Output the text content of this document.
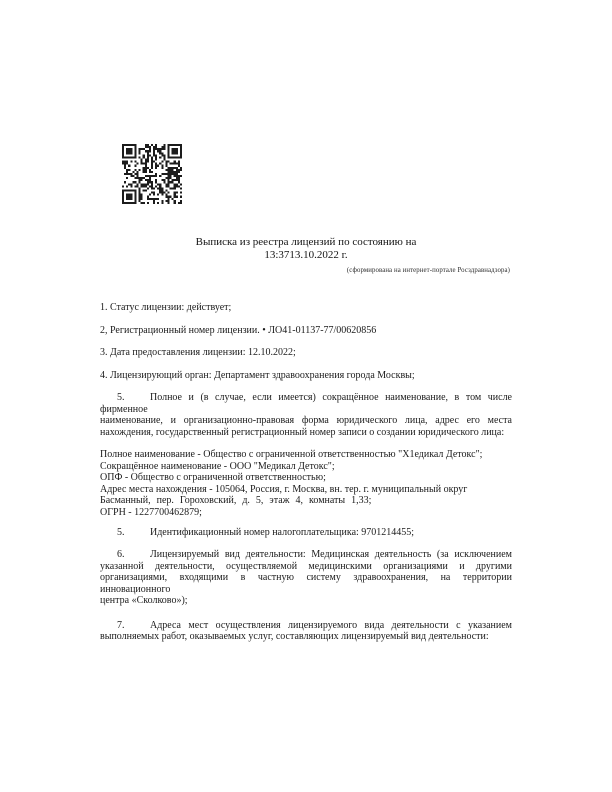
Выписка из реестра лицензий по состоянию на
13:3713.10.2022 г.
(сформирована на интернет-портале Росздравнадзора)
1. Статус лицензии: действует;
2, Регистрационный номер лицензии. • ЛО41-01137-77/00620856
3. Дата предоставления лицензии: 12.10.2022;
4. Лицензирующий орган: Департамент здравоохранения города Москвы;
5.	Полное и (в случае, если имеется) сокращённое наименование, в том числе фирменное
наименование, и организационно-правовая форма юридического лица, адрес его места
нахождения, государственный регистрационный номер записи о создании юридического лица:
Полное наименование - Общество с ограниченной ответственностью "Х1едикал Детокс";
Сокращённое наименование - ООО "Медикал Детокс";
ОПФ - Общество с ограниченной ответственностью;
Адрес места нахождения - 105064, Россия, г. Москва, вн. тер. г. муниципальный округ
Басманный, пер. Гороховский, д. 5, этаж 4, комнаты 1,33;
ОГРН - 1227700462879;
5.	Идентификационный номер налогоплательщика: 9701214455;
6.	Лицензируемый вид деятельности: Медицинская деятельность (за исключением
указанной деятельности, осуществляемой медицинскими организациями и другими
организациями, входящими в частную систему здравоохранения, на территории инновационного
центра «Сколково»);
7.	Адреса мест осуществления лицензируемого вида деятельности с указанием
выполняемых работ, оказываемых услуг, составляющих лицензируемый вид деятельности:
